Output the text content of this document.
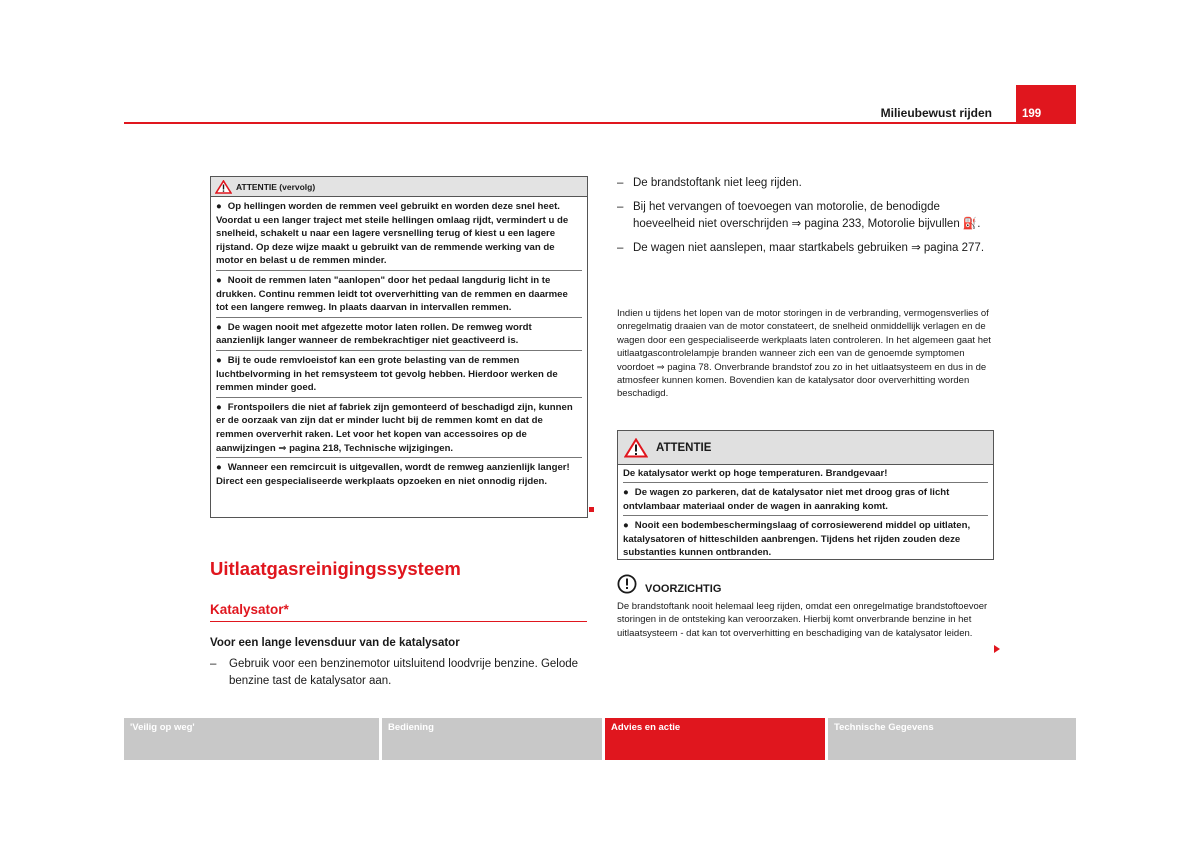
Milieubewust rijden	199
ATTENTIE (vervolg)
● Op hellingen worden de remmen veel gebruikt en worden deze snel heet. Voordat u een langer traject met steile hellingen omlaag rijdt, vermindert u de snelheid, schakelt u naar een lagere versnelling terug of kiest u een lagere rijstand. Op deze wijze maakt u gebruikt van de remmende werking van de motor en belast u de remmen minder.
● Nooit de remmen laten "aanlopen" door het pedaal langdurig licht in te drukken. Continu remmen leidt tot oververhitting van de remmen en daarmee tot een langere remweg. In plaats daarvan in intervallen remmen.
● De wagen nooit met afgezette motor laten rollen. De remweg wordt aanzienlijk langer wanneer de rembekrachtiger niet geactiveerd is.
● Bij te oude remvloeistof kan een grote belasting van de remmen luchtbelvorming in het remsysteem tot gevolg hebben. Hierdoor werken de remmen minder goed.
● Frontspoilers die niet af fabriek zijn gemonteerd of beschadigd zijn, kunnen er de oorzaak van zijn dat er minder lucht bij de remmen komt en dat de remmen oververhit raken. Let voor het kopen van accessoires op de aanwijzingen ⇒ pagina 218, Technische wijzigingen.
● Wanneer een remcircuit is uitgevallen, wordt de remweg aanzienlijk langer! Direct een gespecialiseerde werkplaats opzoeken en niet onnodig rijden.
Uitlaatgasreinigingssysteem
Katalysator*
Voor een lange levensduur van de katalysator
–	Gebruik voor een benzinemotor uitsluitend loodvrije benzine. Gelode benzine tast de katalysator aan.
– De brandstoftank niet leeg rijden.
– Bij het vervangen of toevoegen van motorolie, de benodigde hoeveelheid niet overschrijden ⇒ pagina 233, Motorolie bijvullen ⛽.
– De wagen niet aanslepen, maar startkabels gebruiken ⇒ pagina 277.
Indien u tijdens het lopen van de motor storingen in de verbranding, vermogensverlies of onregelmatig draaien van de motor constateert, de snelheid onmiddellijk verlagen en de wagen door een gespecialiseerde werkplaats laten controleren. In het algemeen gaat het uitlaatgascontrolelampje branden wanneer zich een van de genoemde symptomen voordoet ⇒ pagina 78. Onverbrande brandstof zou zo in het uitlaatsysteem en dus in de atmosfeer kunnen komen. Bovendien kan de katalysator door oververhitting worden beschadigd.
ATTENTIE
De katalysator werkt op hoge temperaturen. Brandgevaar!
● De wagen zo parkeren, dat de katalysator niet met droog gras of licht ontvlambaar materiaal onder de wagen in aanraking komt.
● Nooit een bodembeschermingslaag of corrosiewerend middel op uitlaten, katalysatoren of hitteschilden aanbrengen. Tijdens het rijden zouden deze substanties kunnen ontbranden.
VOORZICHTIG
De brandstoftank nooit helemaal leeg rijden, omdat een onregelmatige brandstoftoevoer storingen in de ontsteking kan veroorzaken. Hierbij komt onverbrande benzine in het uitlaatsysteem - dat kan tot oververhitting en beschadiging van de katalysator leiden.
'Veilig op weg'	Bediening	Advies en actie	Technische Gegevens
